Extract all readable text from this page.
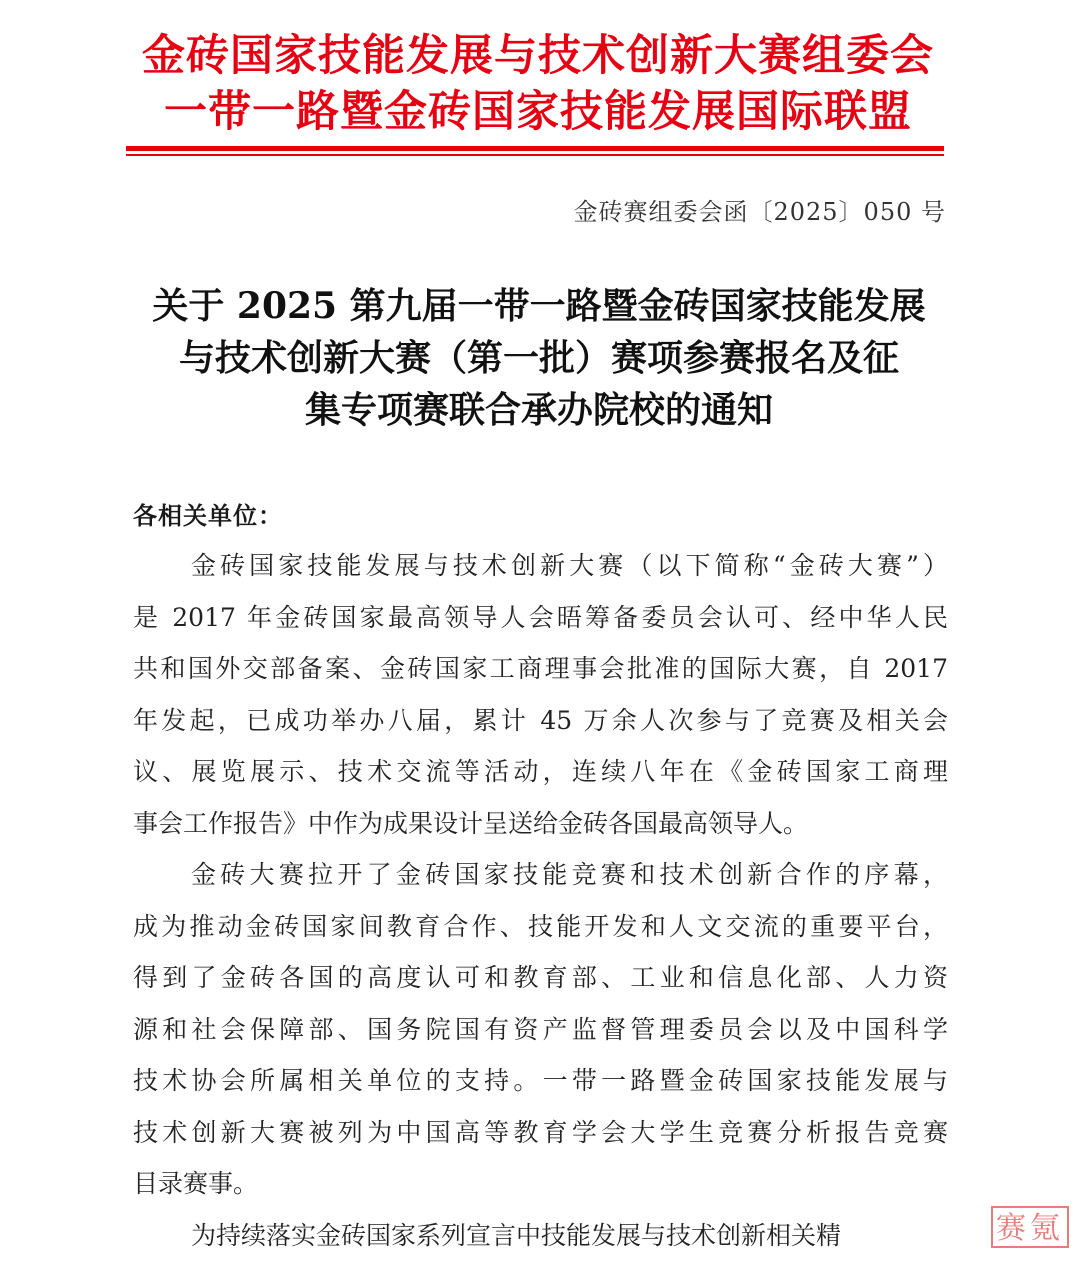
金砖国家技能发展与技术创新大赛组委会
一带一路暨金砖国家技能发展国际联盟
金砖赛组委会函〔2025〕050 号
关于 2025 第九届一带一路暨金砖国家技能发展
与技术创新大赛（第一批）赛项参赛报名及征
集专项赛联合承办院校的通知
各相关单位：
金砖国家技能发展与技术创新大赛（以下简称“金砖大赛”）
是 2017 年金砖国家最高领导人会晤筹备委员会认可、经中华人民
共和国外交部备案、金砖国家工商理事会批准的国际大赛，自 2017
年发起，已成功举办八届，累计 45 万余人次参与了竞赛及相关会
议、展览展示、技术交流等活动，连续八年在《金砖国家工商理
事会工作报告》中作为成果设计呈送给金砖各国最高领导人。
金砖大赛拉开了金砖国家技能竞赛和技术创新合作的序幕，
成为推动金砖国家间教育合作、技能开发和人文交流的重要平台，
得到了金砖各国的高度认可和教育部、工业和信息化部、人力资
源和社会保障部、国务院国有资产监督管理委员会以及中国科学
技术协会所属相关单位的支持。一带一路暨金砖国家技能发展与
技术创新大赛被列为中国高等教育学会大学生竞赛分析报告竞赛
目录赛事。
为持续落实金砖国家系列宣言中技能发展与技术创新相关精	赛氪
